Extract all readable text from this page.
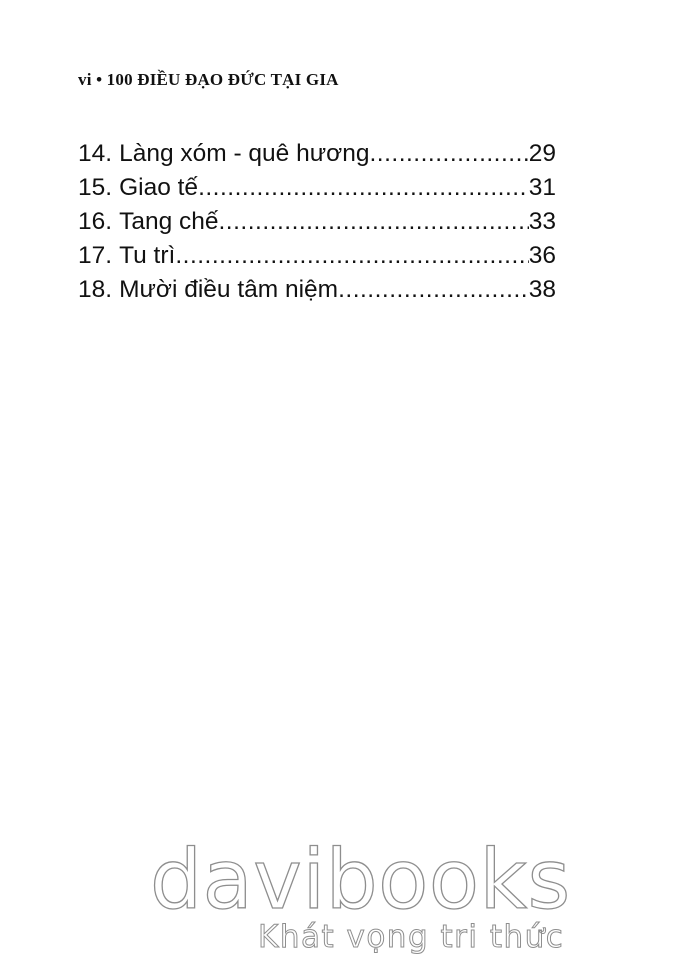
vi • 100 ĐIỀU ĐẠO ĐỨC TẠI GIA
14. Làng xóm - quê hương .....	29
15. Giao tế .....	31
16. Tang chế .....	33
17. Tu trì .....	36
18. Mười điều tâm niệm .....	38
davibooks
Khát vọng tri thức
